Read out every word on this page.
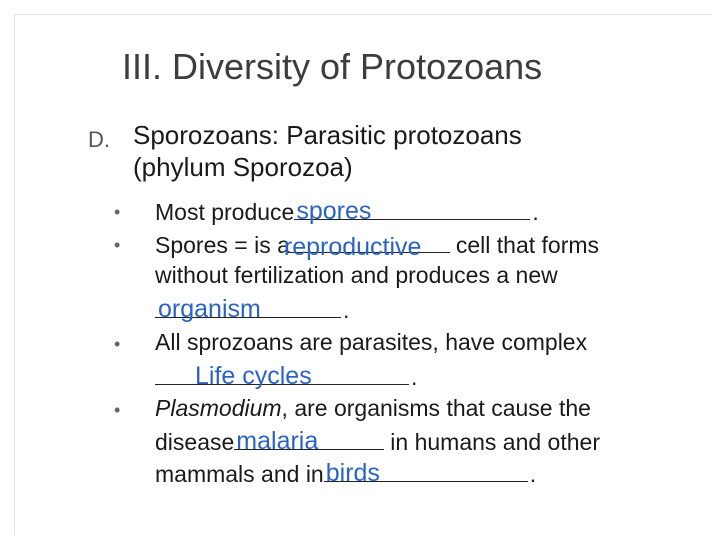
III. Diversity of Protozoans
D. Sporozoans: Parasitic protozoans
(phylum Sporozoa)
• Most produce spores	.
• Spores = is a
reproductive cell that forms
without fertilization and produces a new
organism	.
• All sprozoans are parasites, have complex
Life cycles	.
• Plasmodium, are organisms that cause the
disease malaria	in humans and other
mammals and in birds	.
